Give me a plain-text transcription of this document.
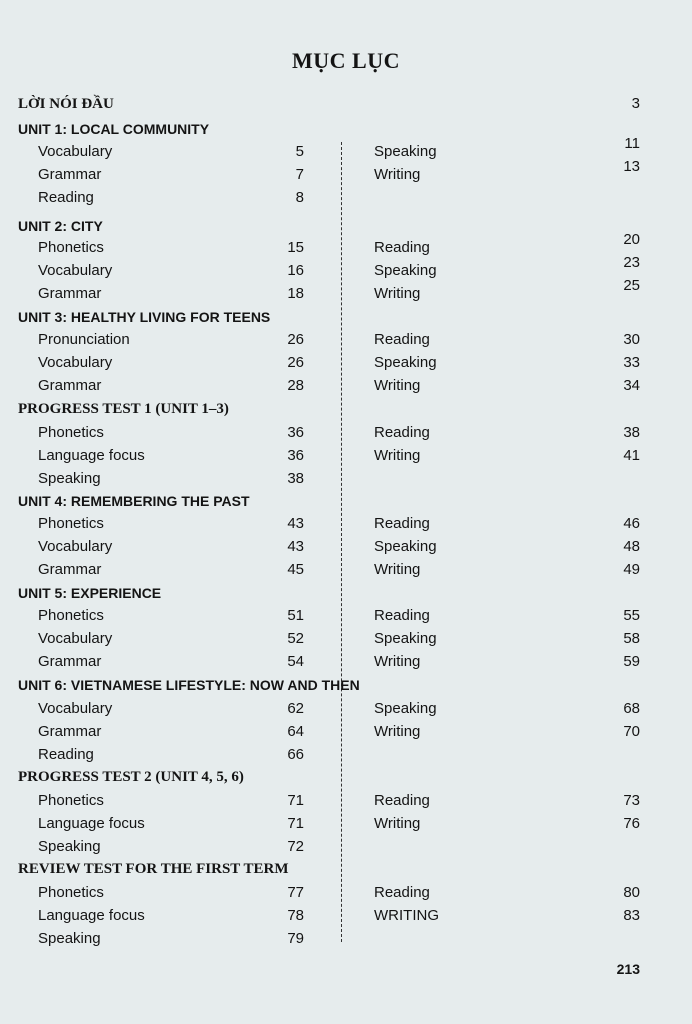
MỤC LỤC
LỜI NÓI ĐẦU	3
UNIT 1: LOCAL COMMUNITY
Vocabulary	5
Grammar	7
Reading	8
Speaking	11
Writing	13
UNIT 2: CITY
Phonetics	15
Vocabulary	16
Grammar	18
Reading	20
Speaking	23
Writing	25
UNIT 3: HEALTHY LIVING FOR TEENS
Pronunciation	26
Vocabulary	26
Grammar	28
Reading	30
Speaking	33
Writing	34
PROGRESS TEST 1 (UNIT 1–3)
Phonetics	36
Language focus	36
Speaking	38
Reading	38
Writing	41
UNIT 4: REMEMBERING THE PAST
Phonetics	43
Vocabulary	43
Grammar	45
Reading	46
Speaking	48
Writing	49
UNIT 5: EXPERIENCE
Phonetics	51
Vocabulary	52
Grammar	54
Reading	55
Speaking	58
Writing	59
UNIT 6: VIETNAMESE LIFESTYLE: NOW AND THEN
Vocabulary	62
Grammar	64
Reading	66
Speaking	68
Writing	70
PROGRESS TEST 2 (UNIT 4, 5, 6)
Phonetics	71
Language focus	71
Speaking	72
Reading	73
Writing	76
REVIEW TEST FOR THE FIRST TERM
Phonetics	77
Language focus	78
Speaking	79
Reading	80
WRITING	83
213
